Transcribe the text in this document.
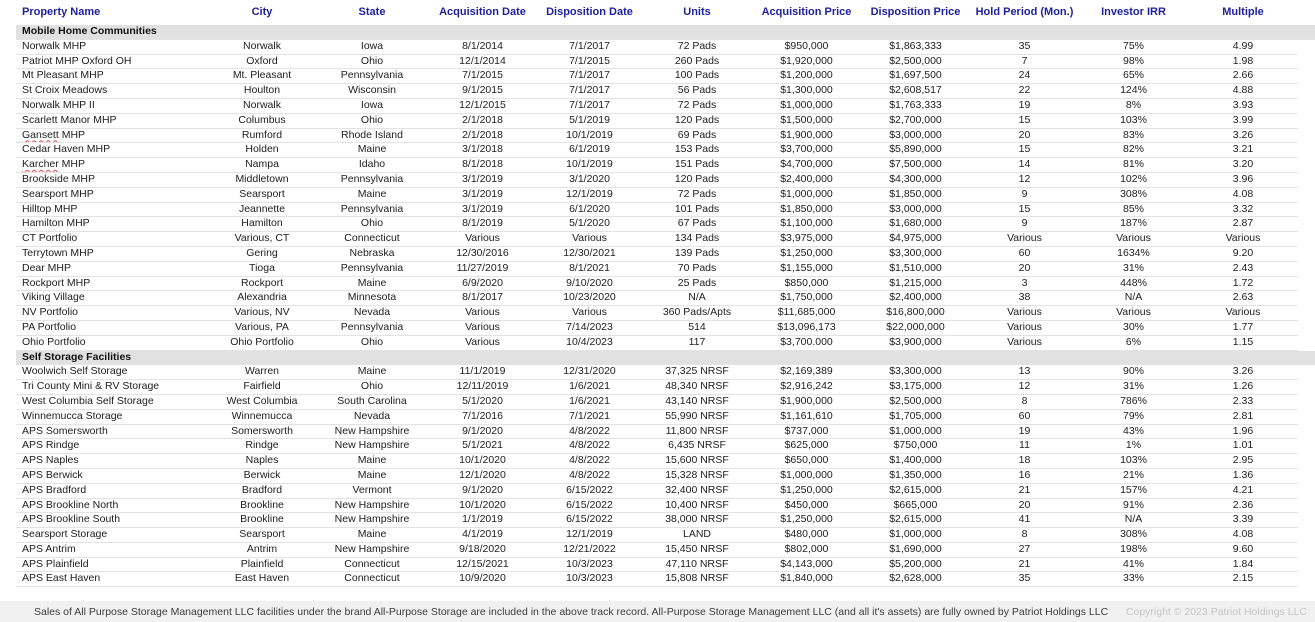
Property Name	City	State	Acquisition Date	Disposition Date	Units	Acquisition Price	Disposition Price	Hold Period (Mon.)	Investor IRR	Multiple	
Mobile Home Communities											
Norwalk MHP	Norwalk	Iowa	8/1/2014	7/1/2017	72 Pads	$950,000	$1,863,333	35	75%	4.99	
Patriot MHP Oxford OH	Oxford	Ohio	12/1/2014	7/1/2015	260 Pads	$1,920,000	$2,500,000	7	98%	1.98	
Mt Pleasant MHP	Mt. Pleasant	Pennsylvania	7/1/2015	7/1/2017	100 Pads	$1,200,000	$1,697,500	24	65%	2.66	
St Croix Meadows	Houlton	Wisconsin	9/1/2015	7/1/2017	56 Pads	$1,300,000	$2,608,517	22	124%	4.88	
Norwalk MHP II	Norwalk	Iowa	12/1/2015	7/1/2017	72 Pads	$1,000,000	$1,763,333	19	8%	3.93	
Scarlett Manor MHP	Columbus	Ohio	2/1/2018	5/1/2019	120 Pads	$1,500,000	$2,700,000	15	103%	3.99	
Gansett MHP	Rumford	Rhode Island	2/1/2018	10/1/2019	69 Pads	$1,900,000	$3,000,000	20	83%	3.26	
Cedar Haven MHP	Holden	Maine	3/1/2018	6/1/2019	153 Pads	$3,700,000	$5,890,000	15	82%	3.21	
Karcher MHP	Nampa	Idaho	8/1/2018	10/1/2019	151 Pads	$4,700,000	$7,500,000	14	81%	3.20	
Brookside MHP	Middletown	Pennsylvania	3/1/2019	3/1/2020	120 Pads	$2,400,000	$4,300,000	12	102%	3.96	
Searsport MHP	Searsport	Maine	3/1/2019	12/1/2019	72 Pads	$1,000,000	$1,850,000	9	308%	4.08	
Hilltop MHP	Jeannette	Pennsylvania	3/1/2019	6/1/2020	101 Pads	$1,850,000	$3,000,000	15	85%	3.32	
Hamilton MHP	Hamilton	Ohio	8/1/2019	5/1/2020	67 Pads	$1,100,000	$1,680,000	9	187%	2.87	
CT Portfolio	Various, CT	Connecticut	Various	Various	134 Pads	$3,975,000	$4,975,000	Various	Various	Various	
Terrytown MHP	Gering	Nebraska	12/30/2016	12/30/2021	139 Pads	$1,250,000	$3,300,000	60	1634%	9.20	
Dear MHP	Tioga	Pennsylvania	11/27/2019	8/1/2021	70 Pads	$1,155,000	$1,510,000	20	31%	2.43	
Rockport MHP	Rockport	Maine	6/9/2020	9/10/2020	25 Pads	$850,000	$1,215,000	3	448%	1.72	
Viking Village	Alexandria	Minnesota	8/1/2017	10/23/2020	N/A	$1,750,000	$2,400,000	38	N/A	2.63	
NV Portfolio	Various, NV	Nevada	Various	Various	360 Pads/Apts	$11,685,000	$16,800,000	Various	Various	Various	
PA Portfolio	Various, PA	Pennsylvania	Various	7/14/2023	514	$13,096,173	$22,000,000	Various	30%	1.77	
Ohio Portfolio	Ohio Portfolio	Ohio	Various	10/4/2023	117	$3,700.000	$3,900,000	Various	6%	1.15	
Self Storage Facilities											
Woolwich Self Storage	Warren	Maine	11/1/2019	12/31/2020	37,325 NRSF	$2,169,389	$3,300,000	13	90%	3.26	
Tri County Mini & RV Storage	Fairfield	Ohio	12/11/2019	1/6/2021	48,340 NRSF	$2,916,242	$3,175,000	12	31%	1.26	
West Columbia Self Storage	West Columbia	South Carolina	5/1/2020	1/6/2021	43,140 NRSF	$1,900,000	$2,500,000	8	786%	2.33	
Winnemucca Storage	Winnemucca	Nevada	7/1/2016	7/1/2021	55,990 NRSF	$1,161,610	$1,705,000	60	79%	2.81	
APS Somersworth	Somersworth	New Hampshire	9/1/2020	4/8/2022	11,800 NRSF	$737,000	$1,000,000	19	43%	1.96	
APS Rindge	Rindge	New Hampshire	5/1/2021	4/8/2022	6,435 NRSF	$625,000	$750,000	11	1%	1.01	
APS Naples	Naples	Maine	10/1/2020	4/8/2022	15,600 NRSF	$650,000	$1,400,000	18	103%	2.95	
APS Berwick	Berwick	Maine	12/1/2020	4/8/2022	15,328 NRSF	$1,000,000	$1,350,000	16	21%	1.36	
APS Bradford	Bradford	Vermont	9/1/2020	6/15/2022	32,400 NRSF	$1,250,000	$2,615,000	21	157%	4.21	
APS Brookline North	Brookline	New Hampshire	10/1/2020	6/15/2022	10,400 NRSF	$450,000	$665,000	20	91%	2.36	
APS Brookline South	Brookline	New Hampshire	1/1/2019	6/15/2022	38,000 NRSF	$1,250,000	$2,615,000	41	N/A	3.39	
Searsport Storage	Searsport	Maine	4/1/2019	12/1/2019	LAND	$480,000	$1,000,000	8	308%	4.08	
APS Antrim	Antrim	New Hampshire	9/18/2020	12/21/2022	15,450 NRSF	$802,000	$1,690,000	27	198%	9.60	
APS Plainfield	Plainfield	Connecticut	12/15/2021	10/3/2023	47,110 NRSF	$4,143,000	$5,200,000	21	41%	1.84	
APS East Haven	East Haven	Connecticut	10/9/2020	10/3/2023	15,808 NRSF	$1,840,000	$2,628,000	35	33%	2.15	
Sales of All Purpose Storage Management LLC facilities under the brand All-Purpose Storage are included in the above track record. All-Purpose Storage Management LLC (and all it's assets) are fully owned by Patriot Holdings LLC Copyright © 2023 Patriot Holdings LLC
